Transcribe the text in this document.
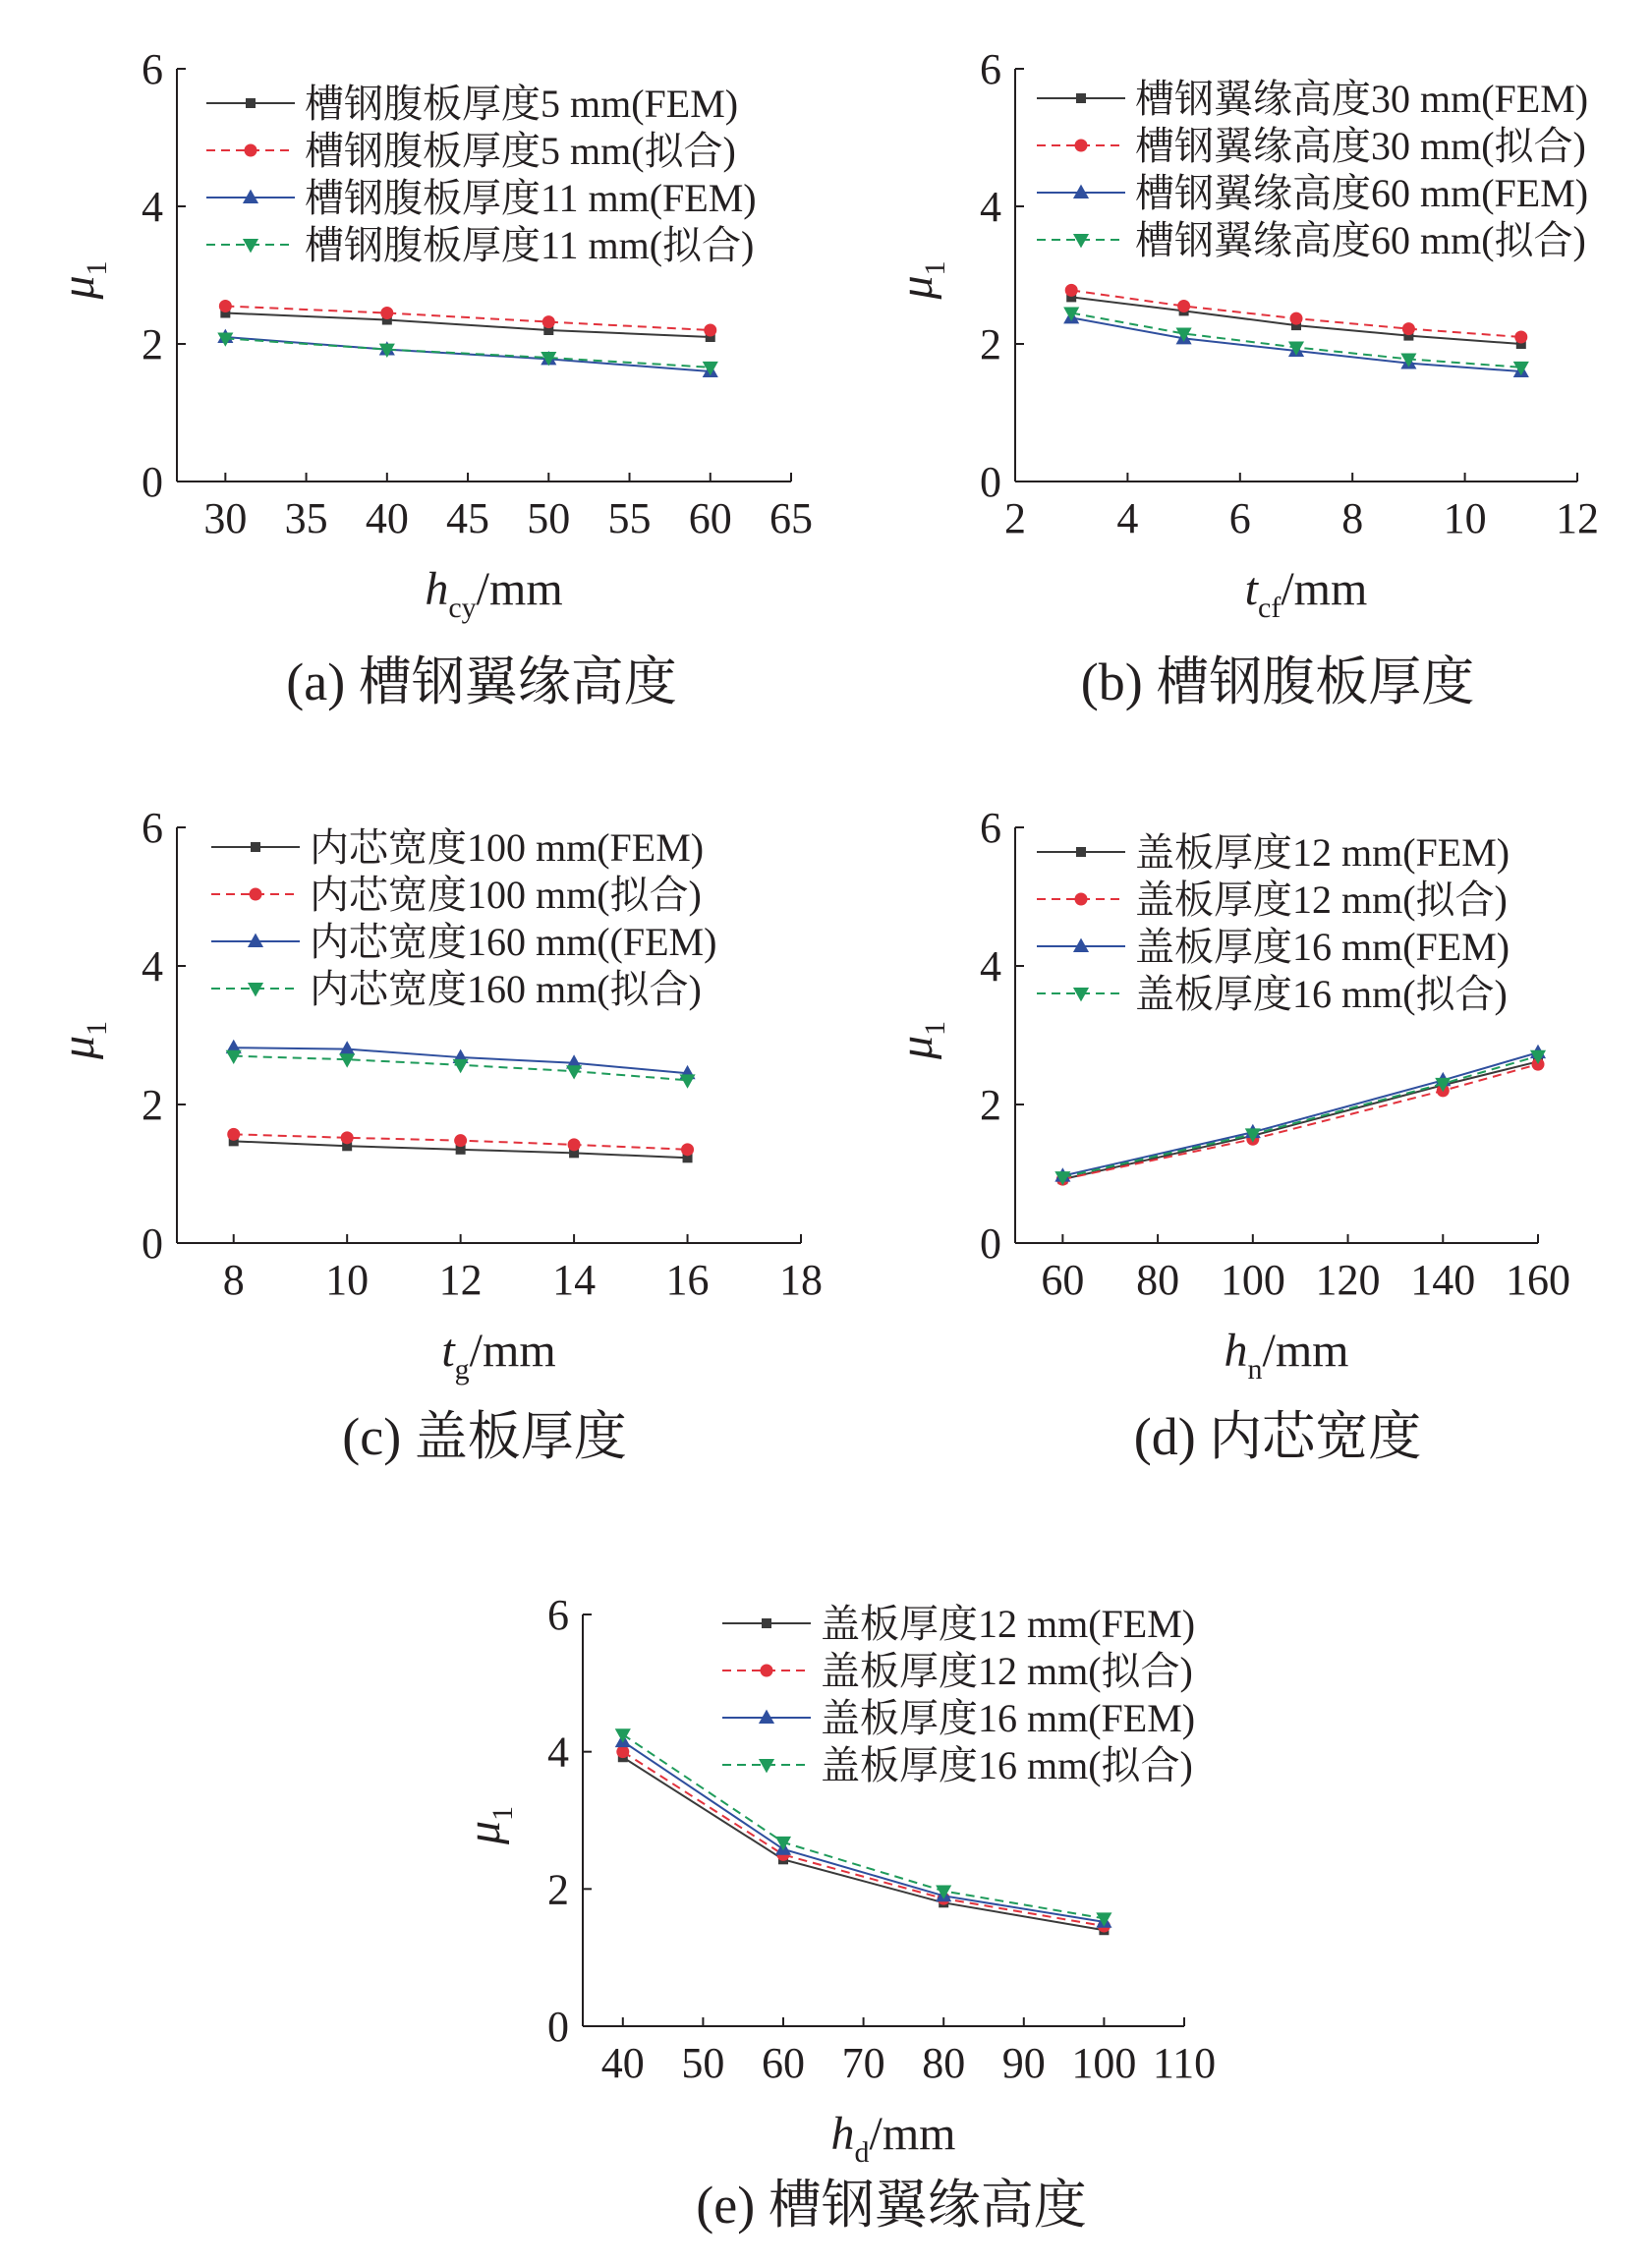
0
2
4
6
30 35 40 45 50 55 60 65
$h_{cy}/mm$
$\mu_1$
槽钢腹板厚度5 mm(FEM)
槽钢腹板厚度5 mm(拟合)
槽钢腹板厚度11 mm(FEM)
槽钢腹板厚度11 mm(拟合)
(a) 槽钢翼缘高度
0
2
4
6
2 4 6 8 10 12
$t_{cf}/mm$
$\mu_1$
槽钢翼缘高度30 mm(FEM)
槽钢翼缘高度30 mm(拟合)
槽钢翼缘高度60 mm(FEM)
槽钢翼缘高度60 mm(拟合)
(b) 槽钢腹板厚度
0
2
4
6
8 10 12 14 16 18
$t_g/mm$
$\mu_1$
内芯宽度100 mm(FEM)
内芯宽度100 mm(拟合)
内芯宽度160 mm((FEM)
内芯宽度160 mm(拟合)
(c) 盖板厚度
0
2
4
6
60 80 100 120 140 160
$h_n/mm$
$\mu_1$
盖板厚度12 mm(FEM)
盖板厚度12 mm(拟合)
盖板厚度16 mm(FEM)
盖板厚度16 mm(拟合)
(d) 内芯宽度
0
2
4
6
40 50 60 70 80 90 100 110
$h_d/mm$
$\mu_1$
盖板厚度12 mm(FEM)
盖板厚度12 mm(拟合)
盖板厚度16 mm(FEM)
盖板厚度16 mm(拟合)
(e) 槽钢翼缘高度
